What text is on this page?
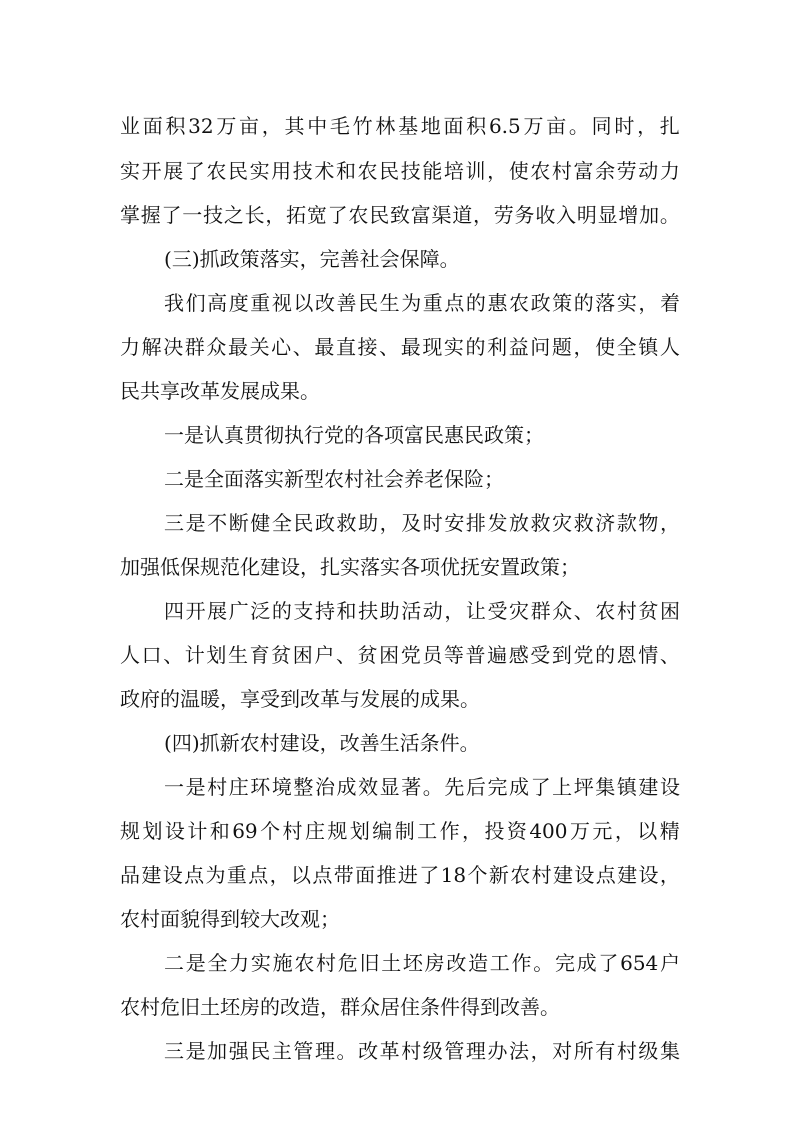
业 面 积 32 万 亩 ， 其 中 毛 竹 林 基 地 面 积 6.5 万 亩 。 同 时 ， 扎
实 开 展 了 农 民 实 用 技 术 和 农 民 技 能 培 训 ， 使 农 村 富 余 劳 动 力
掌 握 了 一 技 之 长 ， 拓 宽 了 农 民 致 富 渠 道 ， 劳 务 收 入 明 显 增 加 。
( 三 ) 抓 政 策 落 实 ， 完 善 社 会 保 障 。
我 们 高 度 重 视 以 改 善 民 生 为 重 点 的 惠 农 政 策 的 落 实 ， 着
力 解 决 群 众 最 关 心 、 最 直 接 、 最 现 实 的 利 益 问 题 ， 使 全 镇 人
民 共 享 改 革 发 展 成 果 。
一 是 认 真 贯 彻 执 行 党 的 各 项 富 民 惠 民 政 策 ；
二 是 全 面 落 实 新 型 农 村 社 会 养 老 保 险 ；
三 是 不 断 健 全 民 政 救 助 ， 及 时 安 排 发 放 救 灾 救 济 款 物 ，
加 强 低 保 规 范 化 建 设 ， 扎 实 落 实 各 项 优 抚 安 置 政 策 ；
四 开 展 广 泛 的 支 持 和 扶 助 活 动 ， 让 受 灾 群 众 、 农 村 贫 困
人 口 、 计 划 生 育 贫 困 户 、 贫 困 党 员 等 普 遍 感 受 到 党 的 恩 情 、
政 府 的 温 暖 ， 享 受 到 改 革 与 发 展 的 成 果 。
( 四 ) 抓 新 农 村 建 设 ， 改 善 生 活 条 件 。
一 是 村 庄 环 境 整 治 成 效 显 著 。 先 后 完 成 了 上 坪 集 镇 建 设
规 划 设 计 和 69 个 村 庄 规 划 编 制 工 作 ， 投 资 400 万 元 ， 以 精
品 建 设 点 为 重 点 ， 以 点 带 面 推 进 了 18 个 新 农 村 建 设 点 建 设 ，
农 村 面 貌 得 到 较 大 改 观 ；
二 是 全 力 实 施 农 村 危 旧 土 坯 房 改 造 工 作 。 完 成 了 654 户
农 村 危 旧 土 坯 房 的 改 造 ， 群 众 居 住 条 件 得 到 改 善 。
三 是 加 强 民 主 管 理 。 改 革 村 级 管 理 办 法 ， 对 所 有 村 级 集
